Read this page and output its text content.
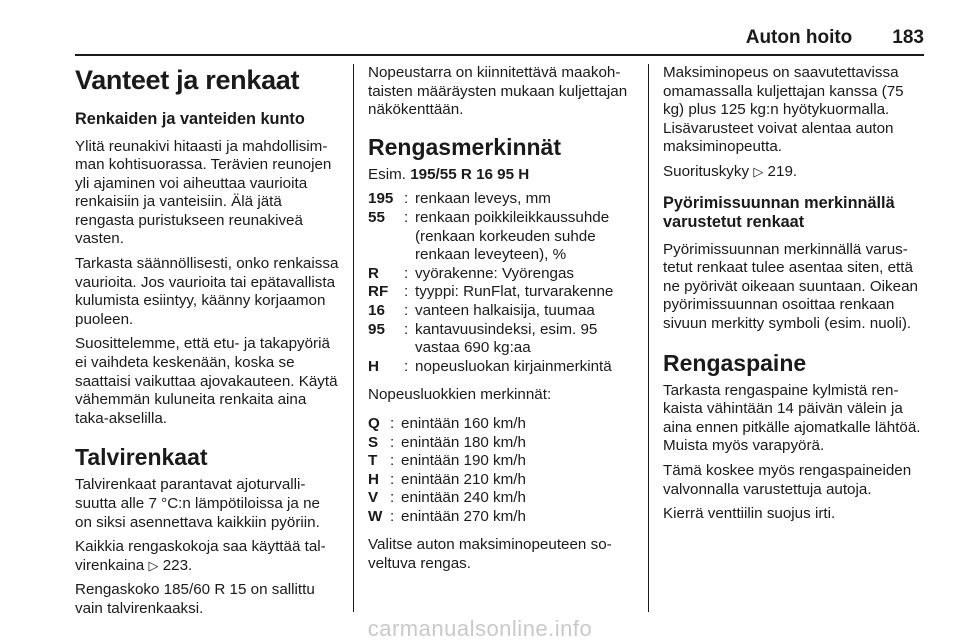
Auton hoito 183
Vanteet ja renkaat
Renkaiden ja vanteiden kunto

Ylitä reunakivi hitaasti ja mahdollisimman kohtisuorassa. Terävien reunojen yli ajaminen voi aiheuttaa vaurioita renkaisiin ja vanteisiin. Älä jätä rengasta puristukseen reunakiveä vasten.

Tarkasta säännöllisesti, onko renkaissa vaurioita. Jos vaurioita tai epätavallista kulumista esiintyy, käänny korjaamon puoleen.

Suosittelemme, että etu- ja takapyöriä ei vaihdeta keskenään, koska se saattaisi vaikuttaa ajovakauteen. Käytä vähemmän kuluneita renkaita aina taka-akselilla.

Talvirenkaat

Talvirenkaat parantavat ajoturvallisuutta alle 7 °C:n lämpötiloissa ja ne on siksi asennettava kaikkiin pyöriin.

Kaikkia rengaskokoja saa käyttää talvirenkaina ▷ 223.

Rengaskoko 185/60 R 15 on sallittu vain talvirenkaaksi.

Nopeustarra on kiinnitettävä maakohtaisten määräysten mukaan kuljettajan näkökenttään.

Rengasmerkinnät

Esim. 195/55 R 16 95 H

195 : renkaan leveys, mm
55	: renkaan poikkileikkaussuhde (renkaan korkeuden suhde renkaan leveyteen), %
R	: vyörakenne: Vyörengas
RF	: tyyppi: RunFlat, turvarakenne
16	: vanteen halkaisija, tuumaa
95	: kantavuusindeksi, esim. 95 vastaa 690 kg:aa
H	: nopeusluokan kirjainmerkintä

Nopeusluokkien merkinnät:

Q : enintään 160 km/h
S : enintään 180 km/h
T : enintään 190 km/h
H : enintään 210 km/h
V : enintään 240 km/h
W : enintään 270 km/h

Valitse auton maksiminopeuteen soveltuva rengas.

Maksiminopeus on saavutettavissa omamassalla kuljettajan kanssa (75 kg) plus 125 kg:n hyötykuormalla. Lisävarusteet voivat alentaa auton maksiminopeutta.

Suorituskyky ▷ 219.

Pyörimissuunnan merkinnällä varustetut renkaat

Pyörimissuunnan merkinnällä varustetut renkaat tulee asentaa siten, että ne pyörivät oikeaan suuntaan. Oikean pyörimissuunnan osoittaa renkaan sivuun merkitty symboli (esim. nuoli).

Rengaspaine

Tarkasta rengaspaine kylmistä renkaista vähintään 14 päivän välein ja aina ennen pitkälle ajomatkalle lähtöä. Muista myös varapyörä.

Tämä koskee myös rengaspaineiden valvonnalla varustettuja autoja.

Kierrä venttiilin suojus irti.

carmanualsonline.info
